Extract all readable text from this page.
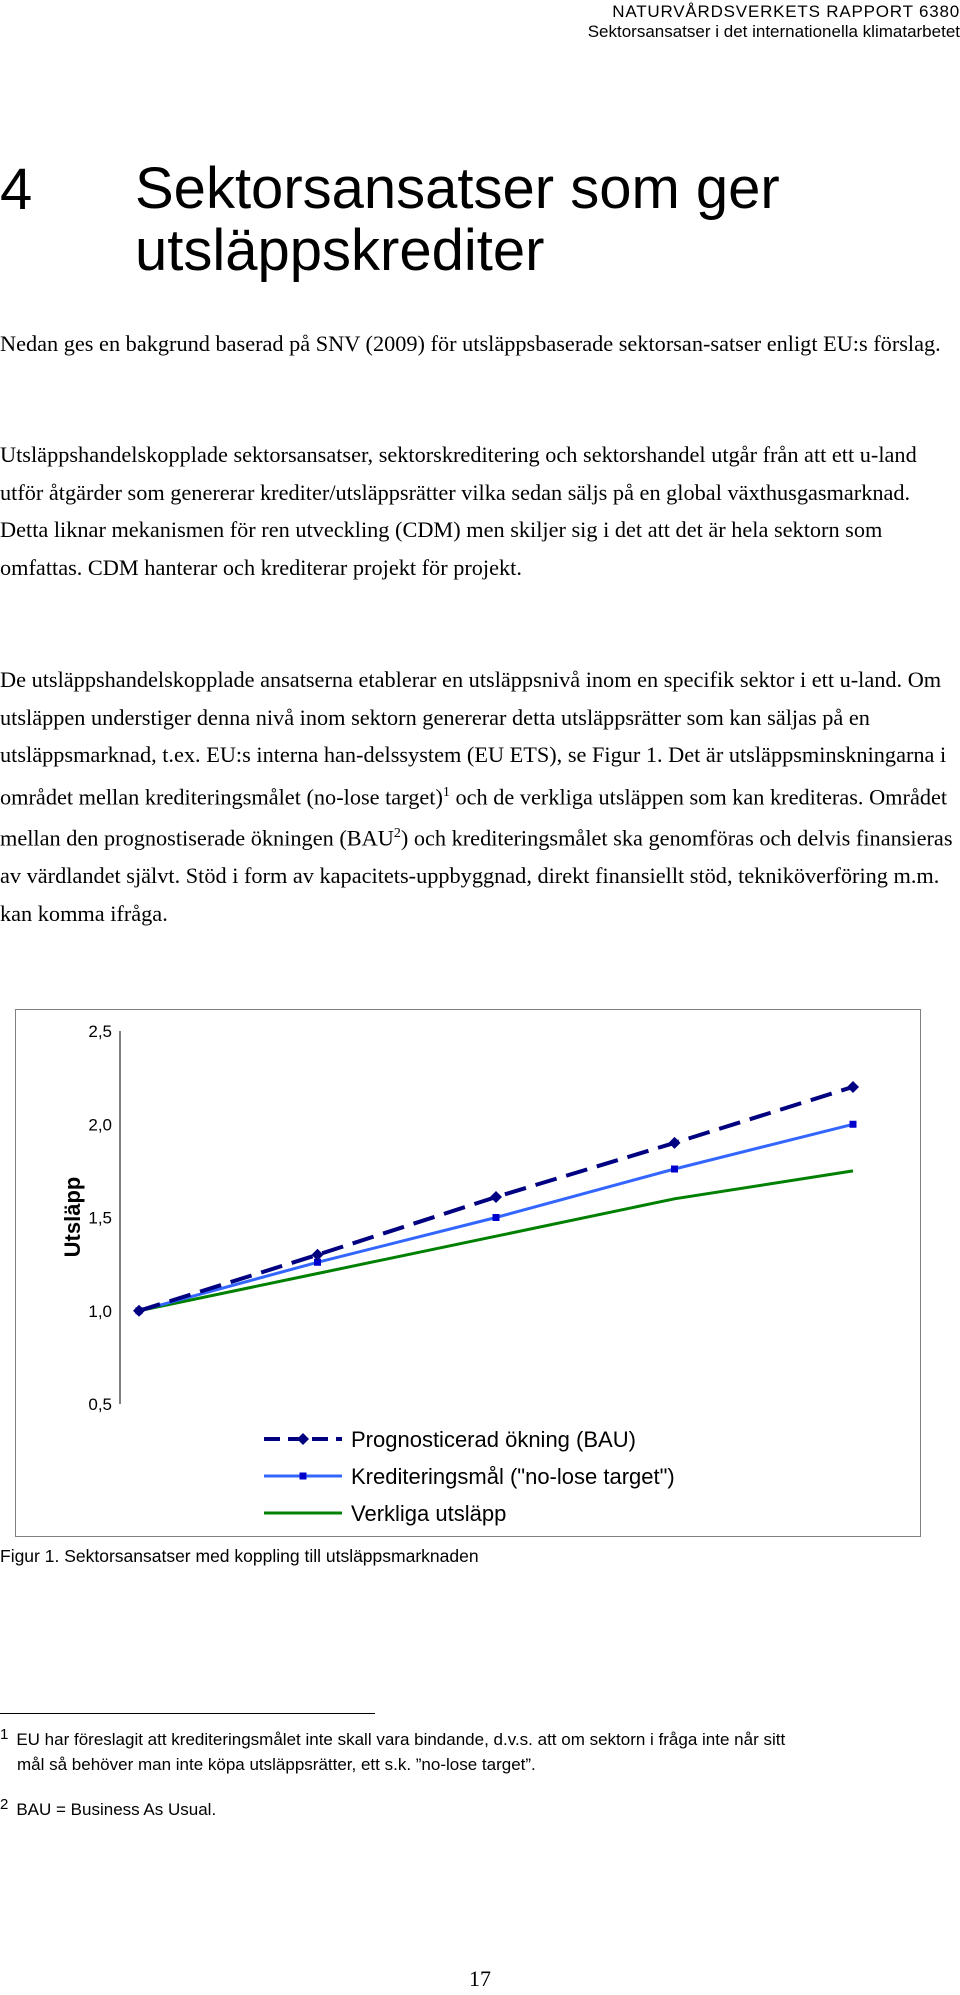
NATURVÅRDSVERKETS RAPPORT 6380
Sektorsansatser i det internationella klimatarbetet
4 Sektorsansatser som ger utsläppskrediter

Nedan ges en bakgrund baserad på SNV (2009) för utsläppsbaserade sektorsan-satser enligt EU:s förslag.

Utsläppshandelskopplade sektorsansatser, sektorskreditering och sektorshandel utgår från att ett u-land utför åtgärder som genererar krediter/utsläppsrätter vilka sedan säljs på en global växthusgasmarknad. Detta liknar mekanismen för ren utveckling (CDM) men skiljer sig i det att det är hela sektorn som omfattas. CDM hanterar och krediterar projekt för projekt.

De utsläppshandelskopplade ansatserna etablerar en utsläppsnivå inom en specifik sektor i ett u-land. Om utsläppen understiger denna nivå inom sektorn genererar detta utsläppsrätter som kan säljas på en utsläppsmarknad, t.ex. EU:s interna han-delssystem (EU ETS), se Figur 1. Det är utsläppsminskningarna i området mellan krediteringsmålet (no-lose target)$^1$ och de verkliga utsläppen som kan krediteras. Området mellan den prognostiserade ökningen (BAU$^2$) och krediteringsmålet ska genomföras och delvis finansieras av värdlandet självt. Stöd i form av kapacitets-uppbyggnad, direkt finansiellt stöd, tekniköverföring m.m. kan komma ifråga.

Utsläpp
2,5
2,0
1,5
1,0
0,5
Prognosticerad ökning (BAU)
Krediteringsmål ("no-lose target")
Verkliga utsläpp
Figur 1. Sektorsansatser med koppling till utsläppsmarknaden
$^1$ EU har föreslagit att krediteringsmålet inte skall vara bindande, d.v.s. att om sektorn i fråga inte når sitt
mål så behöver man inte köpa utsläppsrätter, ett s.k. ”no-lose target”.
$^2$ BAU = Business As Usual.
17
